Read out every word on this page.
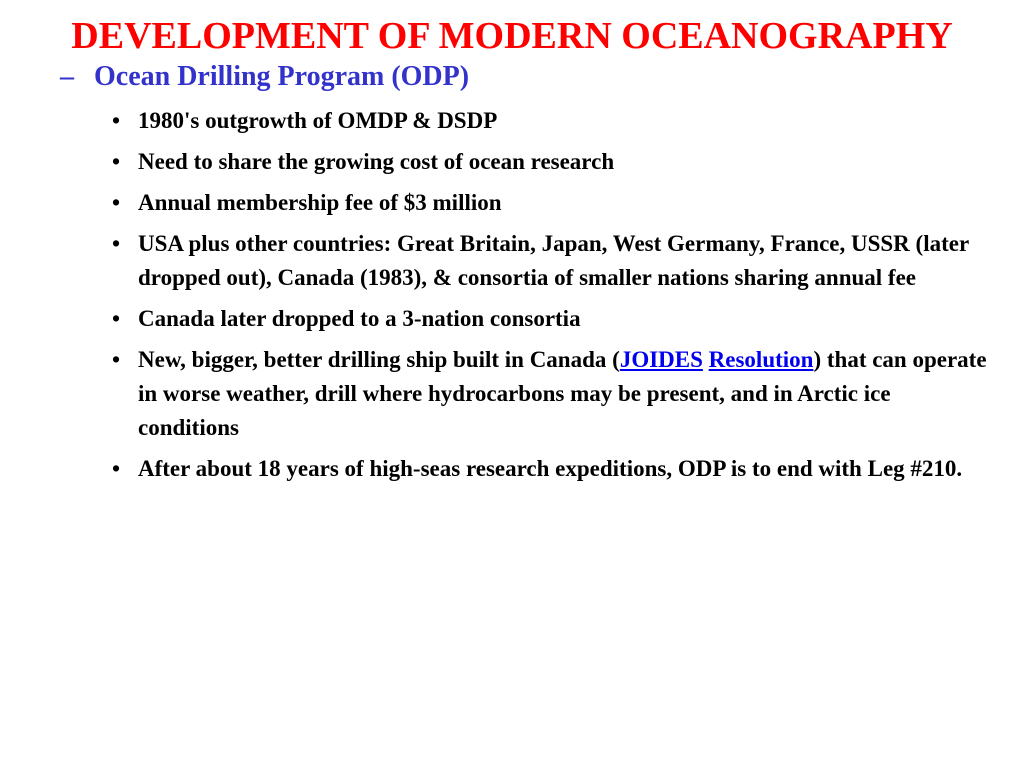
DEVELOPMENT OF MODERN OCEANOGRAPHY
– Ocean Drilling Program (ODP)
• 1980's outgrowth of OMDP & DSDP
• Need to share the growing cost of ocean research
• Annual membership fee of $3 million
• USA plus other countries: Great Britain, Japan, West Germany, France, USSR (later dropped out), Canada (1983), & consortia of smaller nations sharing annual fee
• Canada later dropped to a 3-nation consortia
• New, bigger, better drilling ship built in Canada (JOIDES Resolution) that can operate in worse weather, drill where hydrocarbons may be present, and in Arctic ice conditions
• After about 18 years of high-seas research expeditions, ODP is to end with Leg #210.
